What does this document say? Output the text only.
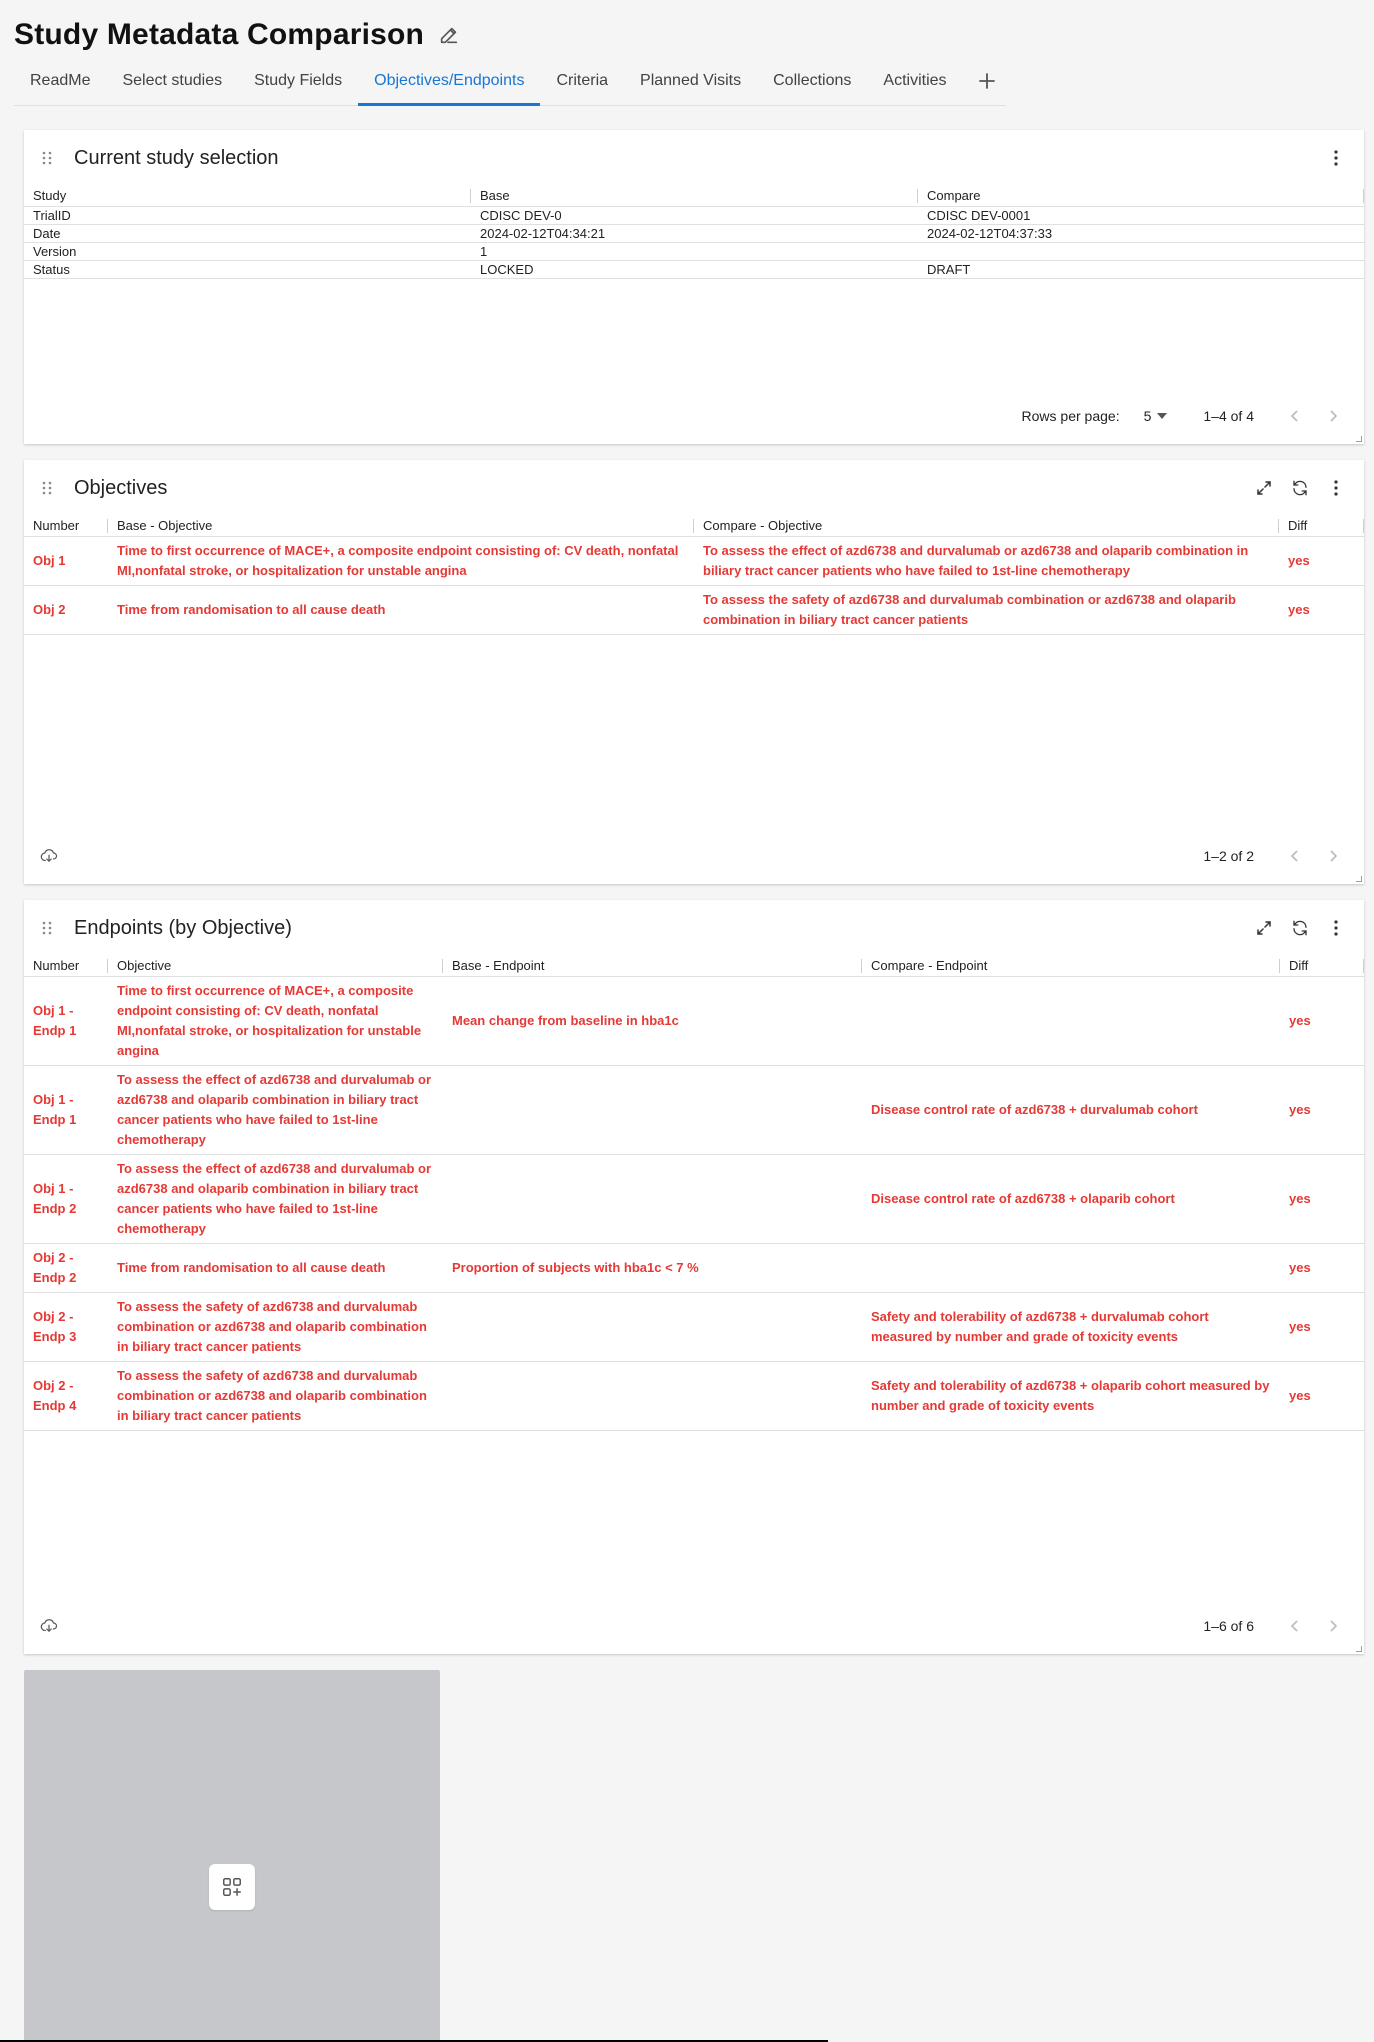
Study Metadata Comparison
ReadMe	Select studies	Study Fields	Objectives/Endpoints	Criteria	Planned Visits	Collections	Activities
Current study selection
Study	Base	Compare

TrialID	CDISC DEV-0	CDISC DEV-0001
Date	2024-02-12T04:34:21	2024-02-12T04:37:33
Version	1	
Status	LOCKED	DRAFT
Rows per page: 5	1–4 of 4
Objectives
Number	Base - Objective	Compare - Objective	Diff

Obj 1	Time to first occurrence of MACE+, a composite endpoint consisting of: CV death, nonfatal MI,nonfatal stroke, or hospitalization for unstable angina	To assess the effect of azd6738 and durvalumab or azd6738 and olaparib combination in biliary tract cancer patients who have failed to 1st-line chemotherapy	yes
Obj 2	Time from randomisation to all cause death	To assess the safety of azd6738 and durvalumab combination or azd6738 and olaparib combination in biliary tract cancer patients	yes
1–2 of 2
Endpoints (by Objective)
Number	Objective	Base - Endpoint	Compare - Endpoint	Diff

Obj 1 - Endp 1	Time to first occurrence of MACE+, a composite endpoint consisting of: CV death, nonfatal MI,nonfatal stroke, or hospitalization for unstable angina	Mean change from baseline in hba1c		yes
Obj 1 - Endp 1	To assess the effect of azd6738 and durvalumab or azd6738 and olaparib combination in biliary tract cancer patients who have failed to 1st-line chemotherapy		Disease control rate of azd6738 + durvalumab cohort	yes
Obj 1 - Endp 2	To assess the effect of azd6738 and durvalumab or azd6738 and olaparib combination in biliary tract cancer patients who have failed to 1st-line chemotherapy		Disease control rate of azd6738 + olaparib cohort	yes
Obj 2 - Endp 2	Time from randomisation to all cause death	Proportion of subjects with hba1c < 7 %		yes
Obj 2 - Endp 3	To assess the safety of azd6738 and durvalumab combination or azd6738 and olaparib combination in biliary tract cancer patients		Safety and tolerability of azd6738 + durvalumab cohort measured by number and grade of toxicity events	yes
Obj 2 - Endp 4	To assess the safety of azd6738 and durvalumab combination or azd6738 and olaparib combination in biliary tract cancer patients		Safety and tolerability of azd6738 + olaparib cohort measured by number and grade of toxicity events	yes
1–6 of 6
